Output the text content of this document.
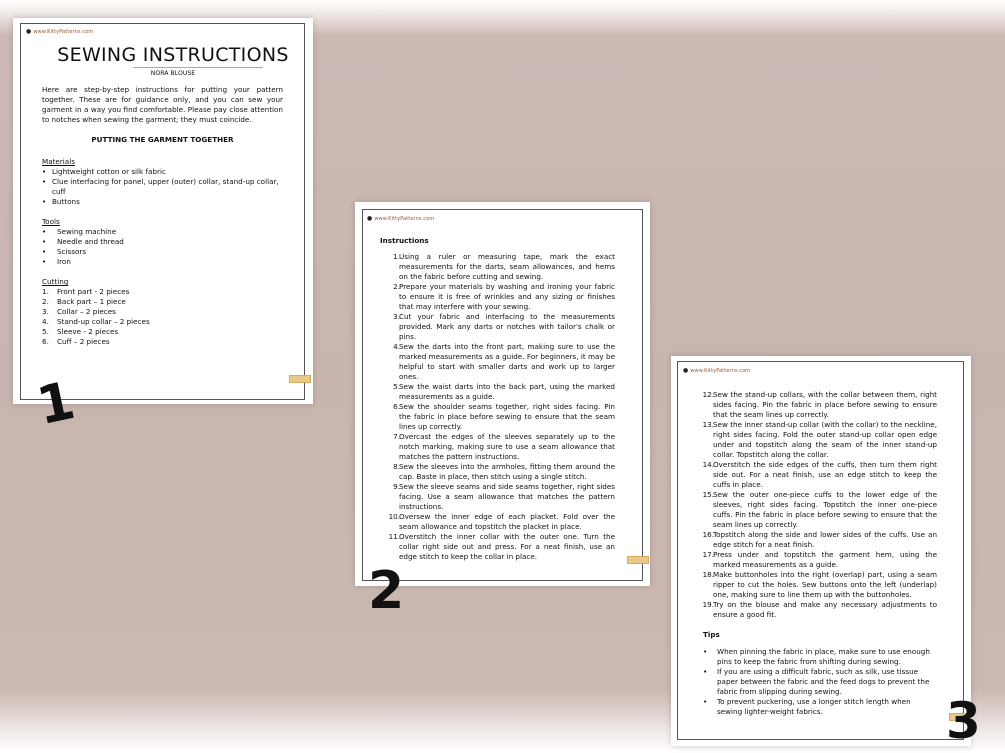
● www.KittyPatterns.com
SEWING INSTRUCTIONS
NORA BLOUSE

Here are step-by-step instructions for putting your pattern together. These are for guidance only, and you can sew your garment in a way you find comfortable. Please pay close attention to notches when sewing the garment; they must coincide.

PUTTING THE GARMENT TOGETHER

Materials

• Lightweight cotton or silk fabric
• Clue interfacing for panel, upper (outer) collar, stand-up collar, cuff
• Buttons

Tools

• Sewing machine
• Needle and thread
• Scissors
• Iron

Cutting

1. Front part - 2 pieces
2. Back part – 1 piece
3. Collar – 2 pieces
4. Stand-up collar – 2 pieces
5. Sleeve - 2 pieces
6. Cuff – 2 pieces
1
● www.KittyPatterns.com

Instructions

1. Using a ruler or measuring tape, mark the exact measurements for the darts, seam allowances, and hems on the fabric before cutting and sewing.
2. Prepare your materials by washing and ironing your fabric to ensure it is free of wrinkles and any sizing or finishes that may interfere with your sewing.
3. Cut your fabric and interfacing to the measurements provided. Mark any darts or notches with tailor's chalk or pins.
4. Sew the darts into the front part, making sure to use the marked measurements as a guide. For beginners, it may be helpful to start with smaller darts and work up to larger ones.
5. Sew the waist darts into the back part, using the marked measurements as a guide.
6. Sew the shoulder seams together, right sides facing. Pin the fabric in place before sewing to ensure that the seam lines up correctly.
7. Overcast the edges of the sleeves separately up to the notch marking, making sure to use a seam allowance that matches the pattern instructions.
8. Sew the sleeves into the armholes, fitting them around the cap. Baste in place, then stitch using a single stitch.
9. Sew the sleeve seams and side seams together, right sides facing. Use a seam allowance that matches the pattern instructions.
10. Oversew the inner edge of each placket. Fold over the seam allowance and topstitch the placket in place.
11. Overstitch the inner collar with the outer one. Turn the collar right side out and press. For a neat finish, use an edge stitch to keep the collar in place.
2
● www.KittyPatterns.com
12. Sew the stand-up collars, with the collar between them, right sides facing. Pin the fabric in place before sewing to ensure that the seam lines up correctly.
13. Sew the inner stand-up collar (with the collar) to the neckline, right sides facing. Fold the outer stand-up collar open edge under and topstitch along the seam of the inner stand-up collar. Topstitch along the collar.
14. Overstitch the side edges of the cuffs, then turn them right side out. For a neat finish, use an edge stitch to keep the cuffs in place.
15. Sew the outer one-piece cuffs to the lower edge of the sleeves, right sides facing. Topstitch the inner one-piece cuffs. Pin the fabric in place before sewing to ensure that the seam lines up correctly.
16. Topstitch along the side and lower sides of the cuffs. Use an edge stitch for a neat finish.
17. Press under and topstitch the garment hem, using the marked measurements as a guide.
18. Make buttonholes into the right (overlap) part, using a seam ripper to cut the holes. Sew buttons onto the left (underlap) one, making sure to line them up with the buttonholes.
19. Try on the blouse and make any necessary adjustments to ensure a good fit.

Tips

• When pinning the fabric in place, make sure to use enough pins to keep the fabric from shifting during sewing.
• If you are using a difficult fabric, such as silk, use tissue paper between the fabric and the feed dogs to prevent the fabric from slipping during sewing.
• To prevent puckering, use a longer stitch length when sewing lighter-weight fabrics.	3
